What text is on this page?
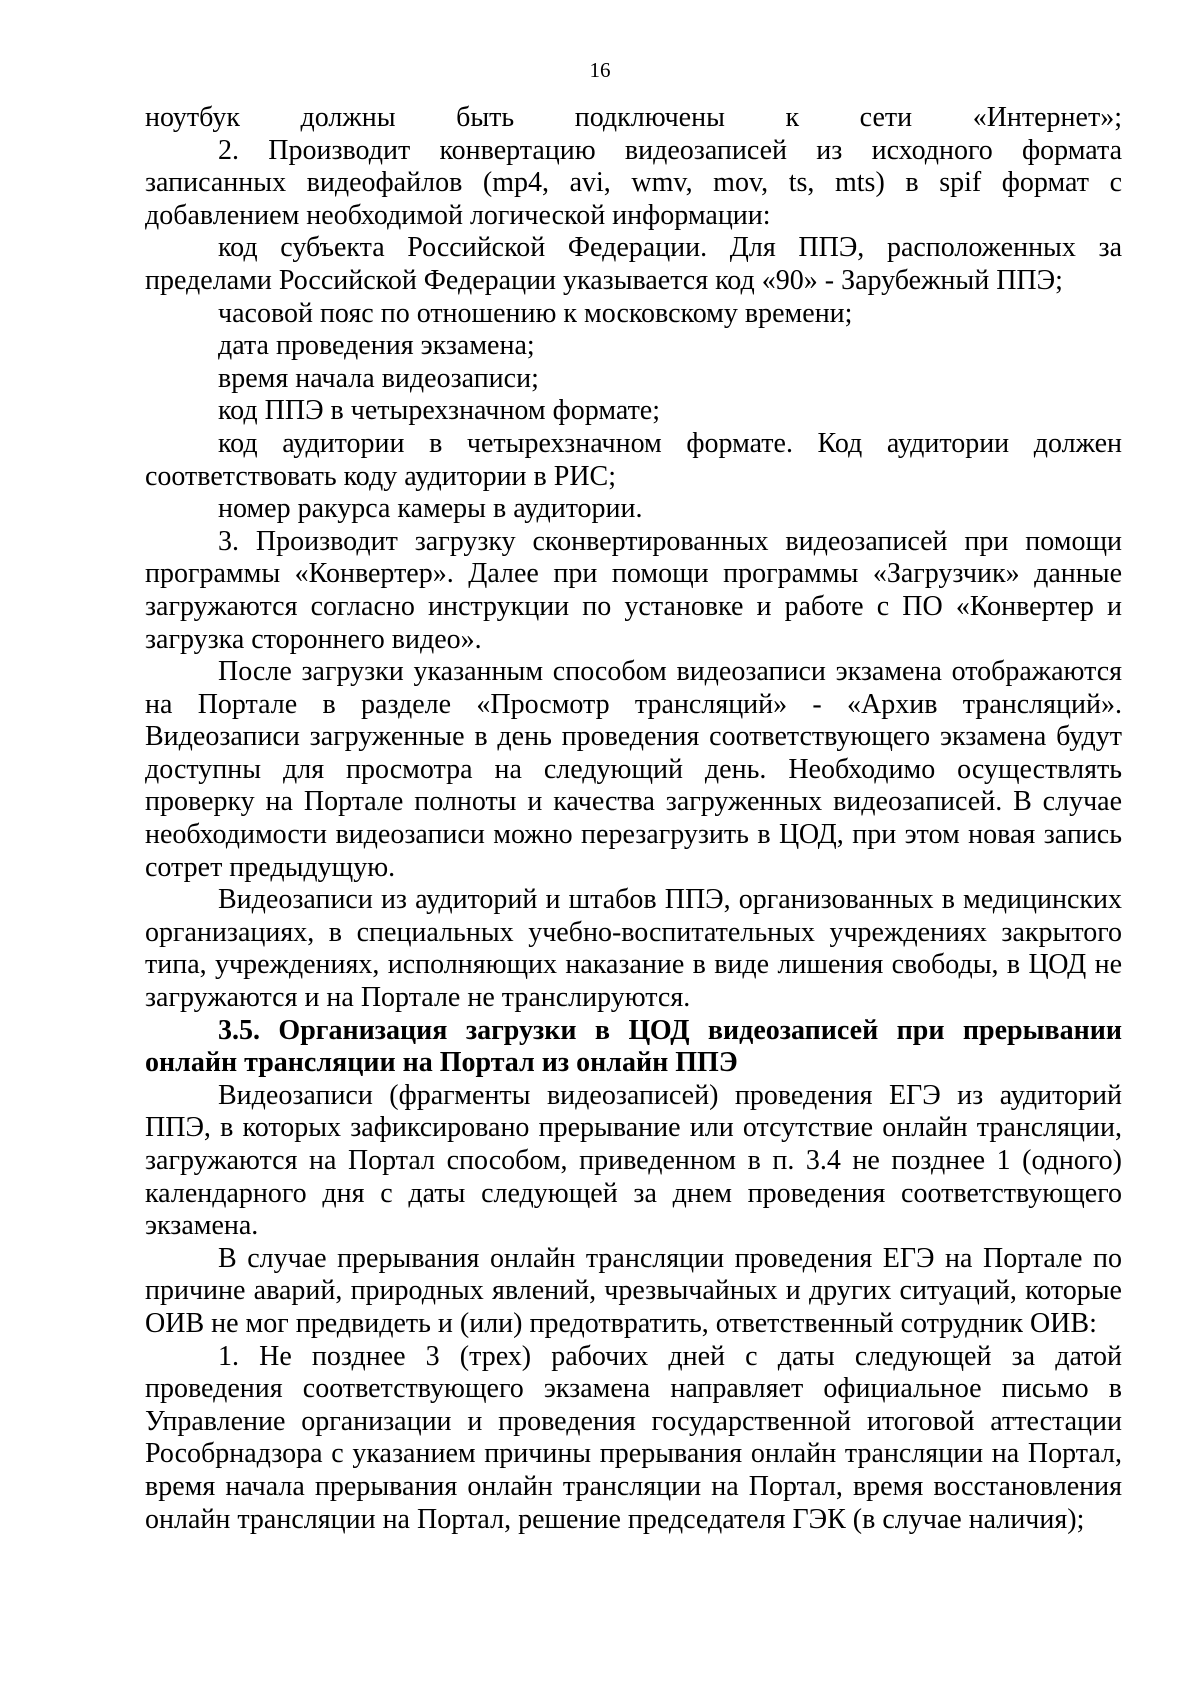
16

ноутбук должны быть подключены к сети «Интернет»;

2. Производит конвертацию видеозаписей из исходного формата записанных видеофайлов (mp4, avi, wmv, mov, ts, mts) в spif формат с добавлением необходимой логической информации:

код субъекта Российской Федерации. Для ППЭ, расположенных за пределами Российской Федерации указывается код «90» - Зарубежный ППЭ;

часовой пояс по отношению к московскому времени;

дата проведения экзамена;

время начала видеозаписи;

код ППЭ в четырехзначном формате;

код аудитории в четырехзначном формате. Код аудитории должен соответствовать коду аудитории в РИС;

номер ракурса камеры в аудитории.

3. Производит загрузку сконвертированных видеозаписей при помощи программы «Конвертер». Далее при помощи программы «Загрузчик» данные загружаются согласно инструкции по установке и работе с ПО «Конвертер и загрузка стороннего видео».

После загрузки указанным способом видеозаписи экзамена отображаются на Портале в разделе «Просмотр трансляций» - «Архив трансляций». Видеозаписи загруженные в день проведения соответствующего экзамена будут доступны для просмотра на следующий день. Необходимо осуществлять проверку на Портале полноты и качества загруженных видеозаписей. В случае необходимости видеозаписи можно перезагрузить в ЦОД, при этом новая запись сотрет предыдущую.

Видеозаписи из аудиторий и штабов ППЭ, организованных в медицинских организациях, в специальных учебно-воспитательных учреждениях закрытого типа, учреждениях, исполняющих наказание в виде лишения свободы, в ЦОД не загружаются и на Портале не транслируются.

3.5. Организация загрузки в ЦОД видеозаписей при прерывании онлайн трансляции на Портал из онлайн ППЭ

Видеозаписи (фрагменты видеозаписей) проведения ЕГЭ из аудиторий ППЭ, в которых зафиксировано прерывание или отсутствие онлайн трансляции, загружаются на Портал способом, приведенном в п. 3.4 не позднее 1 (одного) календарного дня с даты следующей за днем проведения соответствующего экзамена.

В случае прерывания онлайн трансляции проведения ЕГЭ на Портале по причине аварий, природных явлений, чрезвычайных и других ситуаций, которые ОИВ не мог предвидеть и (или) предотвратить, ответственный сотрудник ОИВ:

1. Не позднее 3 (трех) рабочих дней с даты следующей за датой проведения соответствующего экзамена направляет официальное письмо в Управление организации и проведения государственной итоговой аттестации Рособрнадзора с указанием причины прерывания онлайн трансляции на Портал, время начала прерывания онлайн трансляции на Портал, время восстановления онлайн трансляции на Портал, решение председателя ГЭК (в случае наличия);
